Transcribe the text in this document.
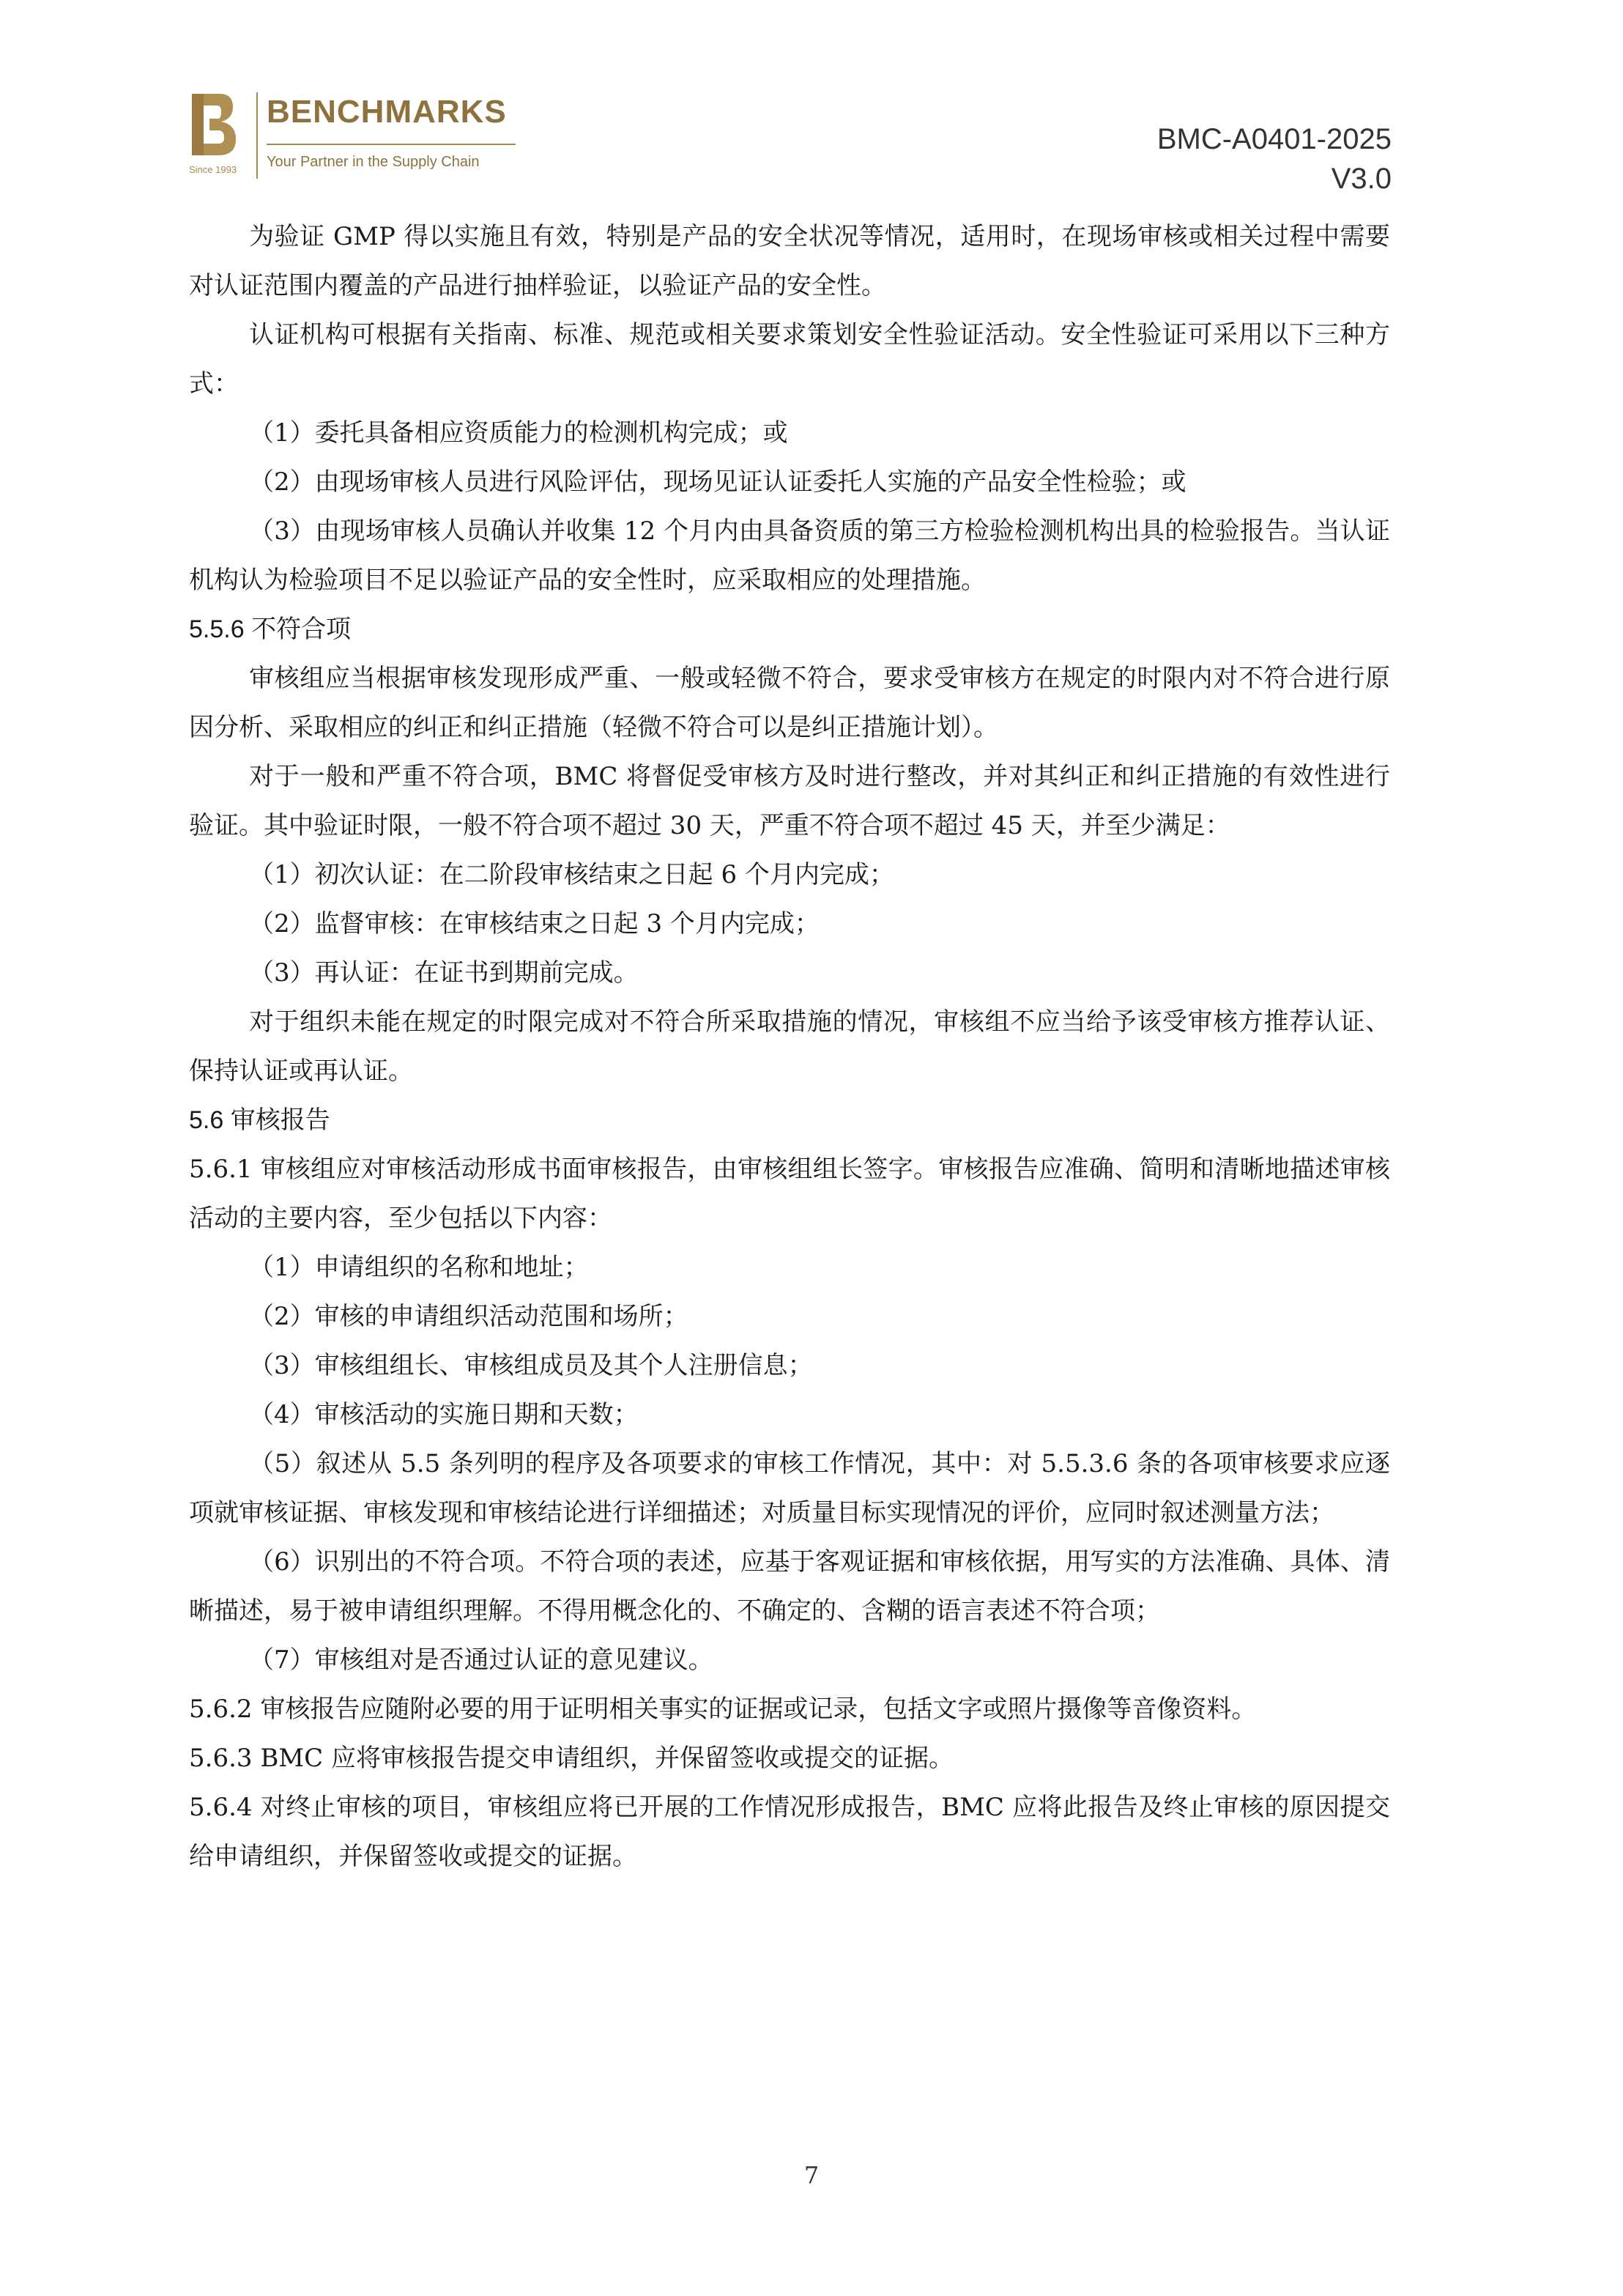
Since 1993
BENCHMARKS
Your Partner in the Supply Chain
BMC-A0401-2025
V3.0

为验证 GMP 得以实施且有效，特别是产品的安全状况等情况，适用时，在现场审核或相关过程中需要对认证范围内覆盖的产品进行抽样验证，以验证产品的安全性。

认证机构可根据有关指南、标准、规范或相关要求策划安全性验证活动。安全性验证可采用以下三种方式：

（1）委托具备相应资质能力的检测机构完成；或

（2）由现场审核人员进行风险评估，现场见证认证委托人实施的产品安全性检验；或

（3）由现场审核人员确认并收集 12 个月内由具备资质的第三方检验检测机构出具的检验报告。当认证机构认为检验项目不足以验证产品的安全性时，应采取相应的处理措施。

5.5.6 不符合项

审核组应当根据审核发现形成严重、一般或轻微不符合，要求受审核方在规定的时限内对不符合进行原因分析、采取相应的纠正和纠正措施（轻微不符合可以是纠正措施计划）。

对于一般和严重不符合项，BMC 将督促受审核方及时进行整改，并对其纠正和纠正措施的有效性进行验证。其中验证时限，一般不符合项不超过 30 天，严重不符合项不超过 45 天，并至少满足：

（1）初次认证：在二阶段审核结束之日起 6 个月内完成；

（2）监督审核：在审核结束之日起 3 个月内完成；

（3）再认证：在证书到期前完成。

对于组织未能在规定的时限完成对不符合所采取措施的情况，审核组不应当给予该受审核方推荐认证、保持认证或再认证。

5.6 审核报告

5.6.1 审核组应对审核活动形成书面审核报告，由审核组组长签字。审核报告应准确、简明和清晰地描述审核活动的主要内容，至少包括以下内容：

（1）申请组织的名称和地址；

（2）审核的申请组织活动范围和场所；

（3）审核组组长、审核组成员及其个人注册信息；

（4）审核活动的实施日期和天数；

（5）叙述从 5.5 条列明的程序及各项要求的审核工作情况，其中：对 5.5.3.6 条的各项审核要求应逐项就审核证据、审核发现和审核结论进行详细描述；对质量目标实现情况的评价，应同时叙述测量方法；

（6）识别出的不符合项。不符合项的表述，应基于客观证据和审核依据，用写实的方法准确、具体、清晰描述，易于被申请组织理解。不得用概念化的、不确定的、含糊的语言表述不符合项；

（7）审核组对是否通过认证的意见建议。

5.6.2 审核报告应随附必要的用于证明相关事实的证据或记录，包括文字或照片摄像等音像资料。

5.6.3 BMC 应将审核报告提交申请组织，并保留签收或提交的证据。

5.6.4 对终止审核的项目，审核组应将已开展的工作情况形成报告，BMC 应将此报告及终止审核的原因提交给申请组织，并保留签收或提交的证据。

7
